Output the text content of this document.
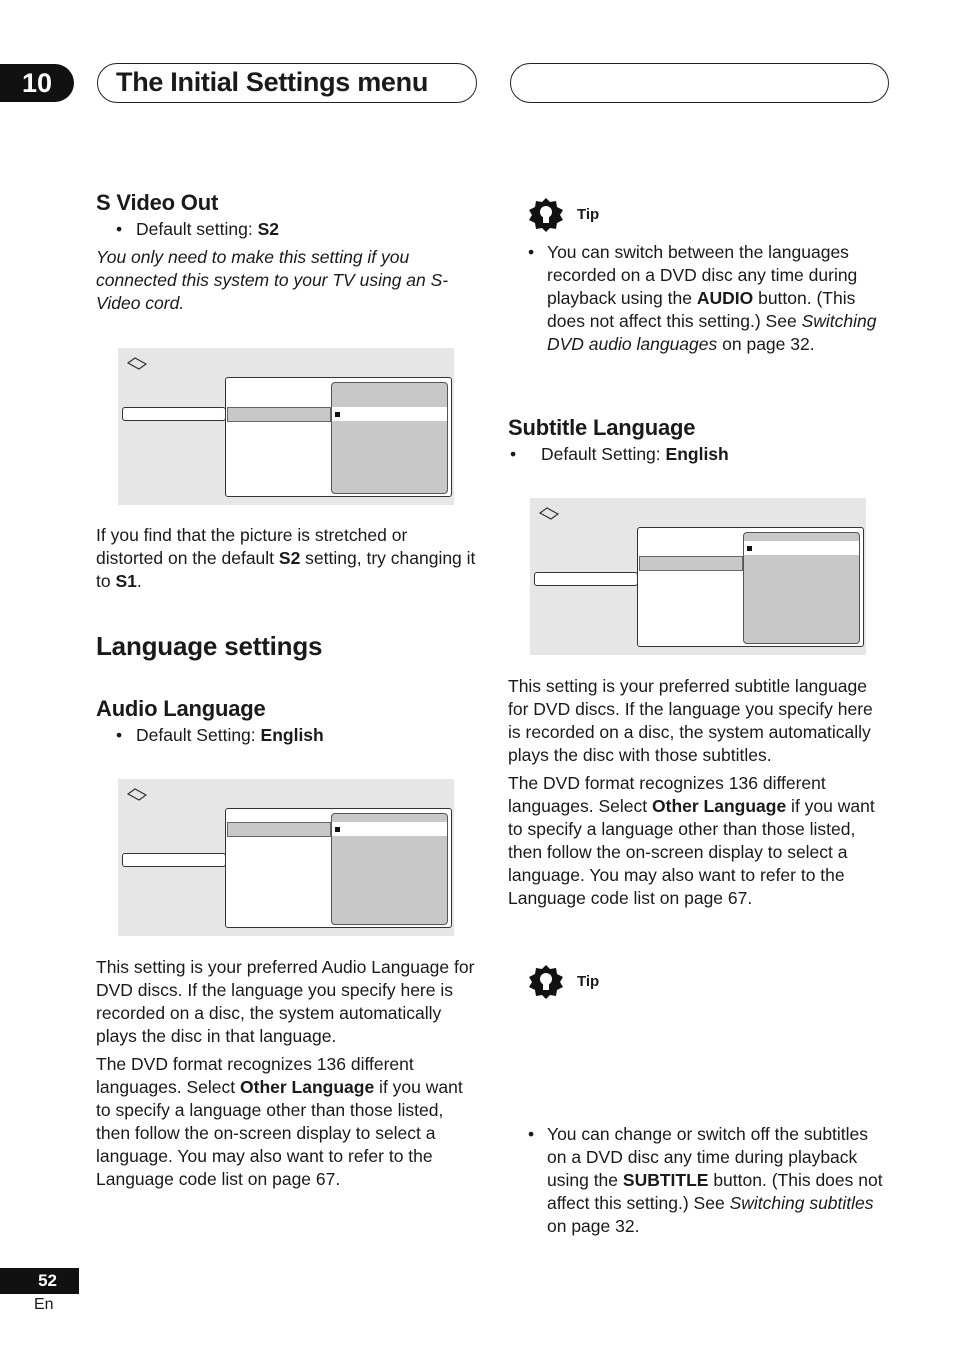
10	The Initial Settings menu
S Video Out
• Default setting: S2
You only need to make this setting if you connected this system to your TV using an S-Video cord.
If you find that the picture is stretched or distorted on the default S2 setting, try changing it to S1.
Language settings
Audio Language
• Default Setting: English
This setting is your preferred Audio Language for DVD discs. If the language you specify here is recorded on a disc, the system automatically plays the disc in that language.
The DVD format recognizes 136 different languages. Select Other Language if you want to specify a language other than those listed, then follow the on-screen display to select a language. You may also want to refer to the Language code list on page 67.
Tip
• You can switch between the languages recorded on a DVD disc any time during playback using the AUDIO button. (This does not affect this setting.) See Switching DVD audio languages on page 32.
Subtitle Language
• Default Setting: English
This setting is your preferred subtitle language for DVD discs. If the language you specify here is recorded on a disc, the system automatically plays the disc with those subtitles.
The DVD format recognizes 136 different languages. Select Other Language if you want to specify a language other than those listed, then follow the on-screen display to select a language. You may also want to refer to the Language code list on page 67.
Tip
• You can change or switch off the subtitles on a DVD disc any time during playback using the SUBTITLE button. (This does not affect this setting.) See Switching subtitles on page 32.
52
En
